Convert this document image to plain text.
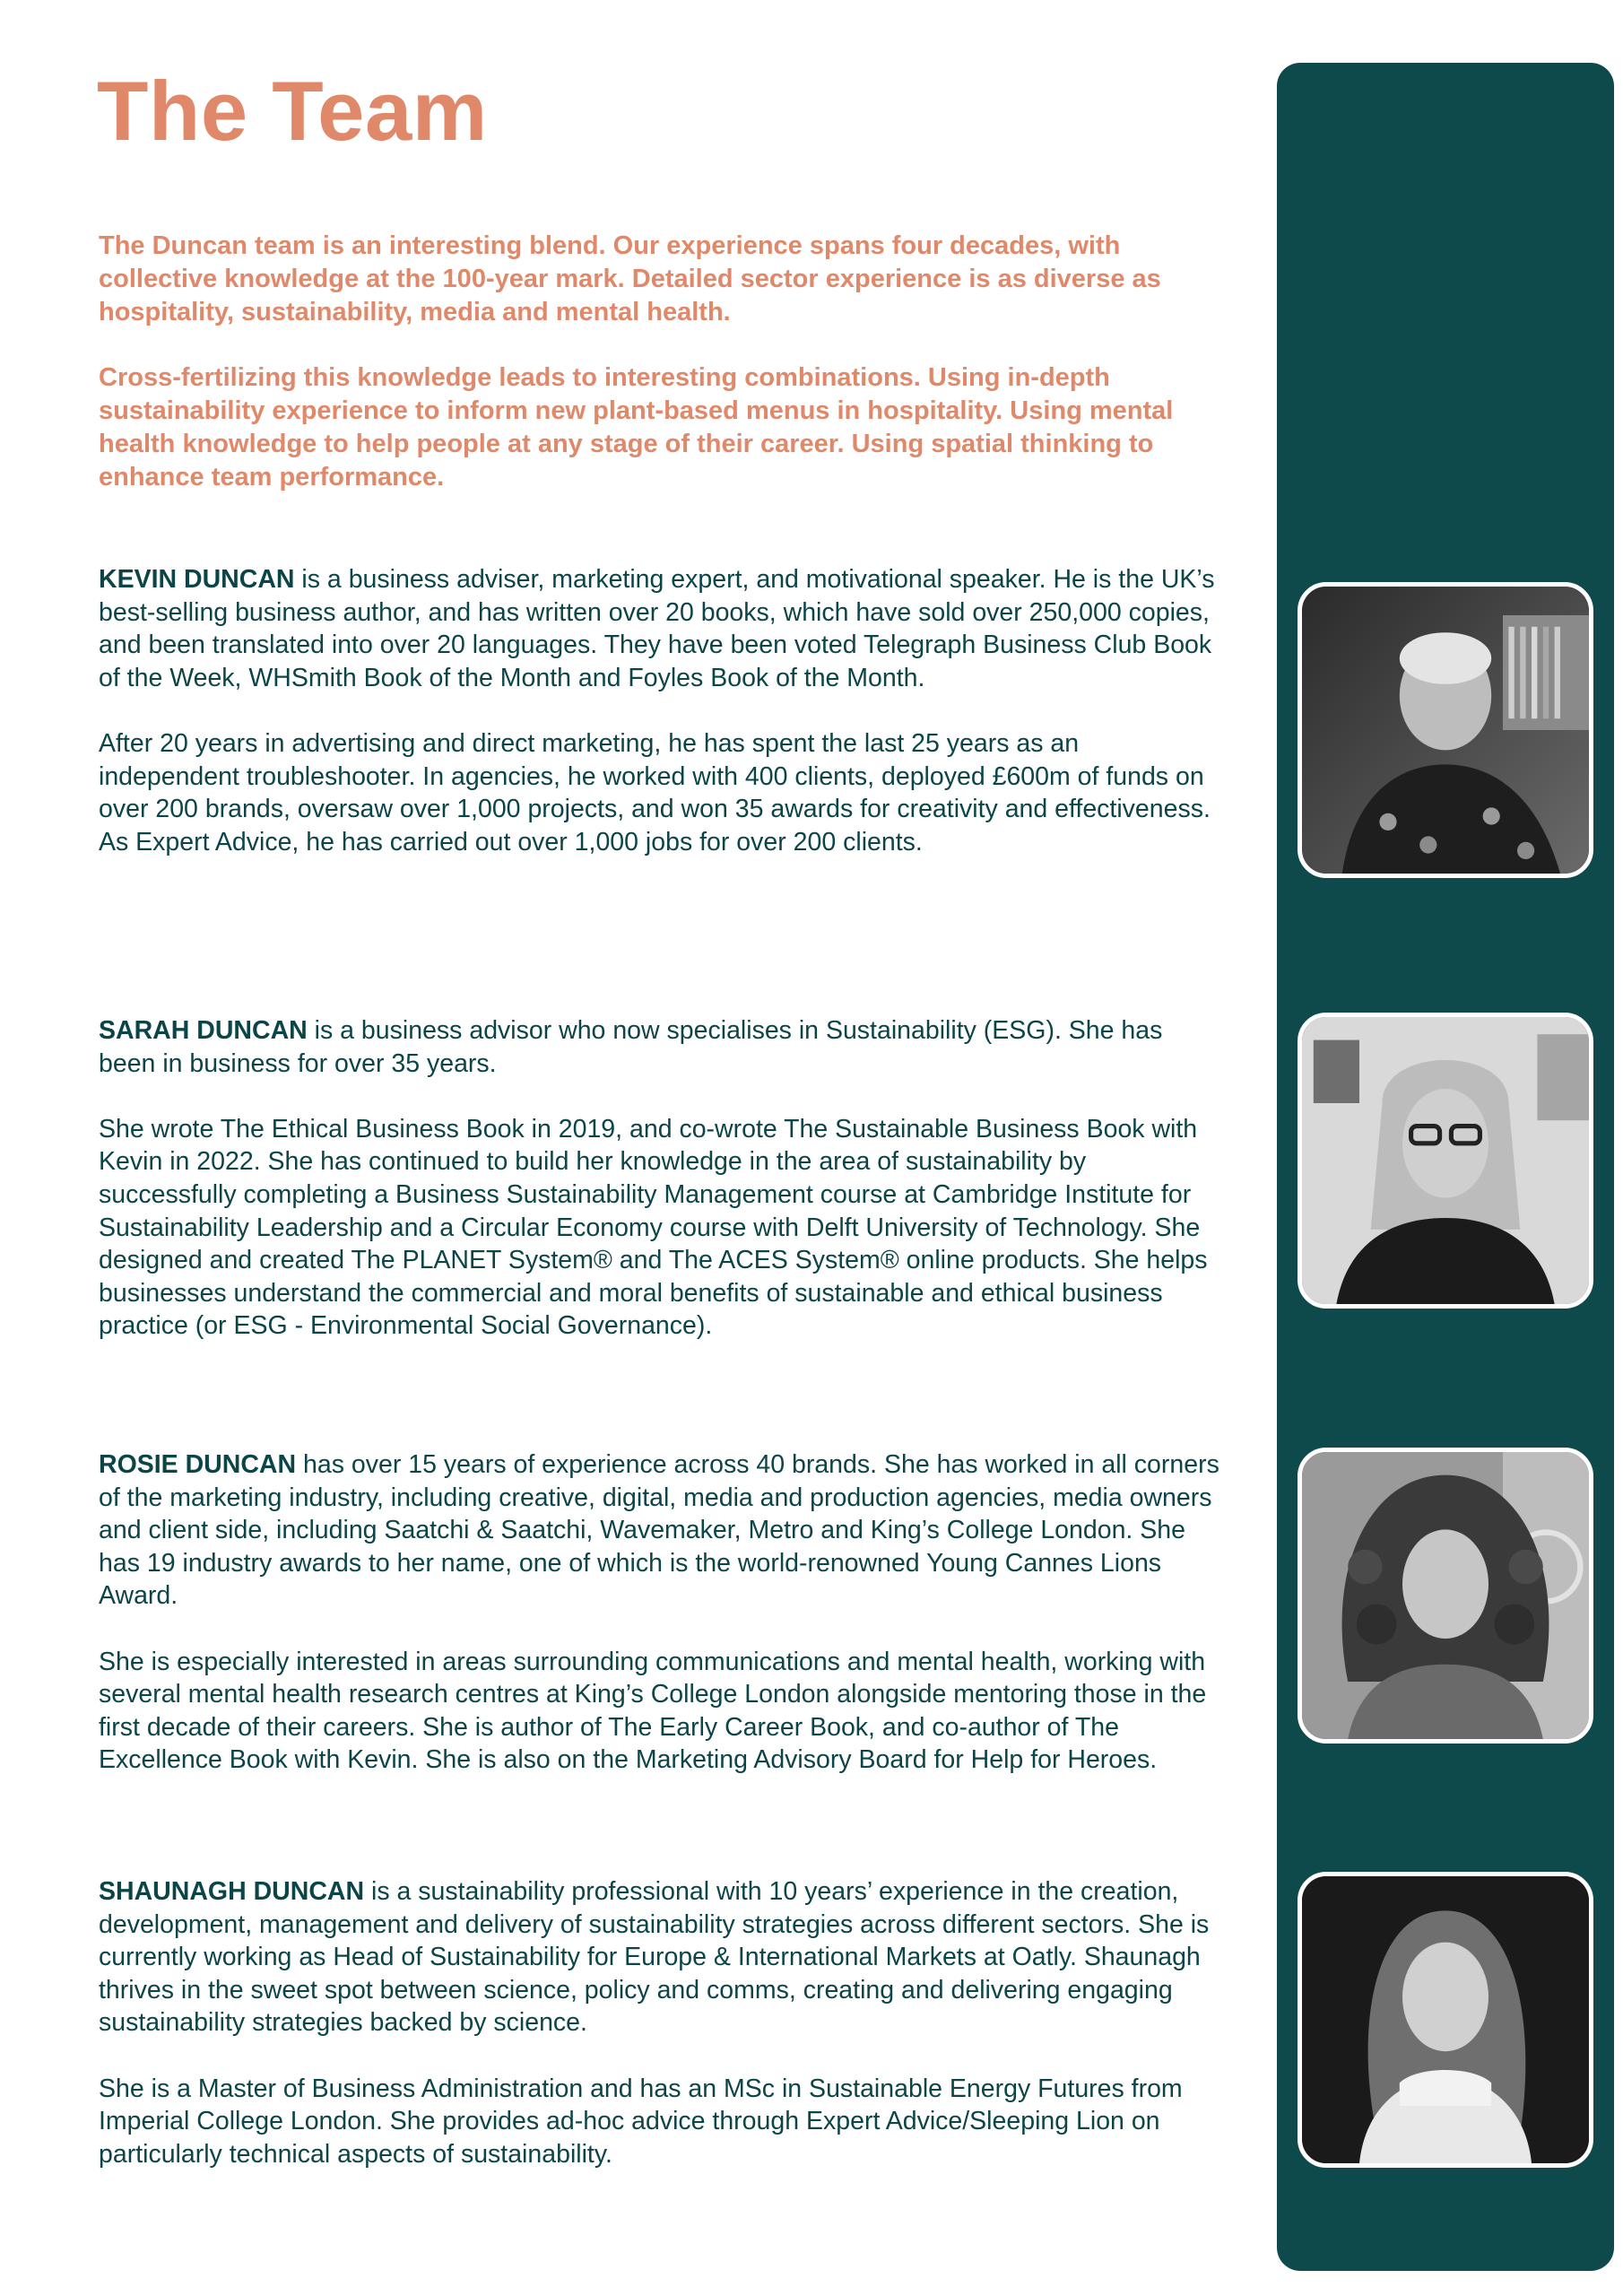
The Team

The Duncan team is an interesting blend. Our experience spans four decades, with collective knowledge at the 100-year mark. Detailed sector experience is as diverse as hospitality, sustainability, media and mental health.

Cross-fertilizing this knowledge leads to interesting combinations. Using in-depth sustainability experience to inform new plant-based menus in hospitality. Using mental health knowledge to help people at any stage of their career. Using spatial thinking to enhance team performance.

KEVIN DUNCAN is a business adviser, marketing expert, and motivational speaker. He is the UK’s best-selling business author, and has written over 20 books, which have sold over 250,000 copies, and been translated into over 20 languages. They have been voted Telegraph Business Club Book of the Week, WHSmith Book of the Month and Foyles Book of the Month.

After 20 years in advertising and direct marketing, he has spent the last 25 years as an independent troubleshooter. In agencies, he worked with 400 clients, deployed £600m of funds on over 200 brands, oversaw over 1,000 projects, and won 35 awards for creativity and effectiveness. As Expert Advice, he has carried out over 1,000 jobs for over 200 clients.

SARAH DUNCAN is a business advisor who now specialises in Sustainability (ESG). She has been in business for over 35 years.

She wrote The Ethical Business Book in 2019, and co-wrote The Sustainable Business Book with Kevin in 2022. She has continued to build her knowledge in the area of sustainability by successfully completing a Business Sustainability Management course at Cambridge Institute for Sustainability Leadership and a Circular Economy course with Delft University of Technology. She designed and created The PLANET System® and The ACES System® online products. She helps businesses understand the commercial and moral benefits of sustainable and ethical business practice (or ESG - Environmental Social Governance).

ROSIE DUNCAN has over 15 years of experience across 40 brands. She has worked in all corners of the marketing industry, including creative, digital, media and production agencies, media owners and client side, including Saatchi & Saatchi, Wavemaker, Metro and King’s College London. She has 19 industry awards to her name, one of which is the world-renowned Young Cannes Lions Award.

She is especially interested in areas surrounding communications and mental health, working with several mental health research centres at King’s College London alongside mentoring those in the first decade of their careers. She is author of The Early Career Book, and co-author of The Excellence Book with Kevin. She is also on the Marketing Advisory Board for Help for Heroes.

SHAUNAGH DUNCAN is a sustainability professional with 10 years’ experience in the creation, development, management and delivery of sustainability strategies across different sectors. She is currently working as Head of Sustainability for Europe & International Markets at Oatly. Shaunagh thrives in the sweet spot between science, policy and comms, creating and delivering engaging sustainability strategies backed by science.

She is a Master of Business Administration and has an MSc in Sustainable Energy Futures from Imperial College London. She provides ad-hoc advice through Expert Advice/Sleeping Lion on particularly technical aspects of sustainability.
